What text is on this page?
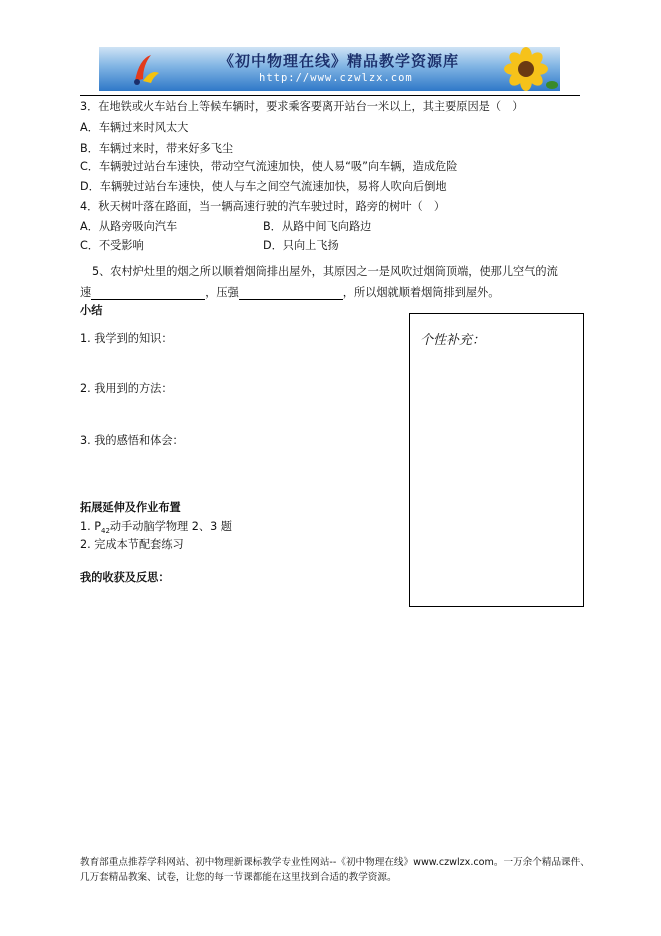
《初中物理在线》精品教学资源库
http://www.czwlzx.com
3．在地铁或火车站台上等候车辆时，要求乘客要离开站台一米以上，其主要原因是（　）
A．车辆过来时风太大
B．车辆过来时，带来好多飞尘
C．车辆驶过站台车速快，带动空气流速加快，使人易“吸”向车辆，造成危险
D．车辆驶过站台车速快，使人与车之间空气流速加快，易将人吹向后倒地
4．秋天树叶落在路面，当一辆高速行驶的汽车驶过时，路旁的树叶（　）
A．从路旁吸向汽车	B．从路中间飞向路边
C．不受影响	D．只向上飞扬
5、农村炉灶里的烟之所以顺着烟筒排出屋外，其原因之一是风吹过烟筒顶端，使那儿空气的流
速	，压强	，所以烟就顺着烟筒排到屋外。
小结
1. 我学到的知识：
2. 我用到的方法：
3. 我的感悟和体会：
个性补充：
拓展延伸及作业布置
1. $P_{42}$动手动脑学物理 2、3 题
2. 完成本节配套练习
我的收获及反思：
教育部重点推荐学科网站、初中物理新课标教学专业性网站--《初中物理在线》www.czwlzx.com。一万余个精品课件、几万套精品教案、试卷，让您的每一节课都能在这里找到合适的教学资源。
